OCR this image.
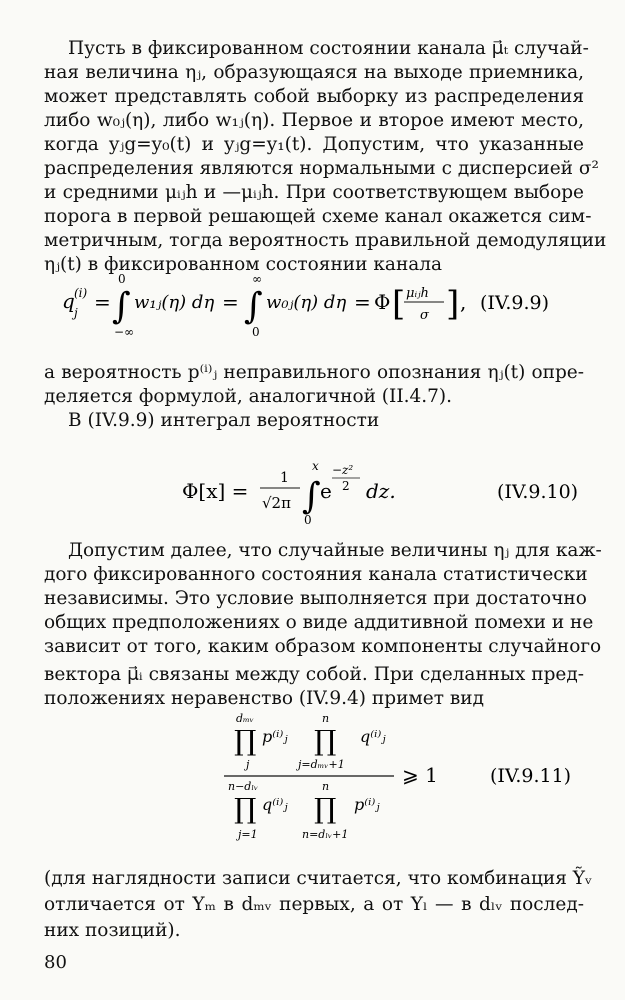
Пусть в фиксированном состоянии канала μ⃗ₜ случай-
ная величина ηⱼ, образующаяся на выходе приемника,
может представлять собой выборку из распределения
либо w₀ⱼ(η), либо w₁ⱼ(η). Первое и второе имеют место,
когда yⱼg=y₀(t) и yⱼg=y₁(t). Допустим, что указанные
распределения являются нормальными с дисперсией σ²
и средними μᵢⱼh и —μᵢⱼh. При соответствующем выборе
порога в первой решающей схеме канал окажется сим-
метричным, тогда вероятность правильной демодуляции
ηⱼ(t) в фиксированном состоянии канала
q (i)
j =
0
∫
−∞
w₁ⱼ(η) dη =
∞
∫
0
w₀ⱼ(η) dη = Φ [ μᵢⱼh
σ ] , (IV.9.9)
а вероятность p⁽ⁱ⁾ⱼ неправильного опознания ηⱼ(t) опре-
деляется формулой, аналогичной (II.4.7).
В (IV.9.9) интеграл вероятности
Φ[x] =
1
√2π
x
∫
0
e
−z²
2 dz.	(IV.9.10)
Допустим далее, что случайные величины ηⱼ для каж-
дого фиксированного состояния канала статистически
независимы. Это условие выполняется при достаточно
общих предположениях о виде аддитивной помехи и не
зависит от того, каким образом компоненты случайного
вектора μ⃗ᵢ связаны между собой. При сделанных пред-
положениях неравенство (IV.9.4) примет вид
dₘᵥ
∏
j
p⁽ⁱ⁾ⱼ
n
∏
j=dₘᵥ+1
q⁽ⁱ⁾ⱼ
⩾ 1
n−dₗᵥ
∏
j=1
q⁽ⁱ⁾ⱼ
n
∏
n=dₗᵥ+1
p⁽ⁱ⁾ⱼ
(IV.9.11)
(для наглядности записи считается, что комбинация Ỹᵥ
отличается от Yₘ в dₘᵥ первых, а от Yₗ — в dₗᵥ послед-
них позиций).
80
